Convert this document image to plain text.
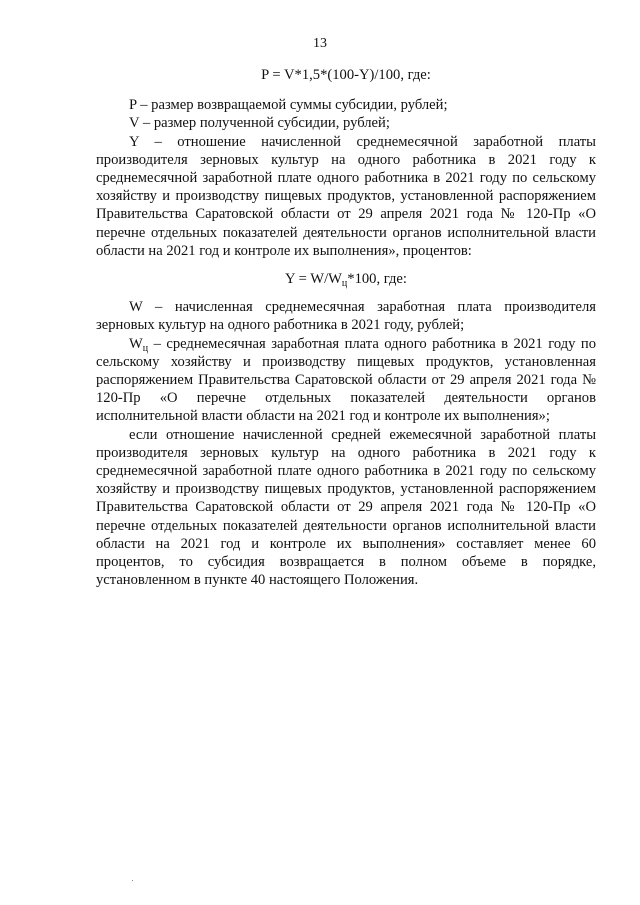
13

P = V*1,5*(100-Y)/100, где:

P – размер возвращаемой суммы субсидии, рублей;

V – размер полученной субсидии, рублей;

Y – отношение начисленной среднемесячной заработной платы производителя зерновых культур на одного работника в 2021 году к среднемесячной заработной плате одного работника в 2021 году по сельскому хозяйству и производству пищевых продуктов, установленной распоряжением Правительства Саратовской области от 29 апреля 2021 года № 120-Пр «О перечне отдельных показателей деятельности органов исполнительной власти области на 2021 год и контроле их выполнения», процентов:

$Y = W/W_ц*100$, где:

W – начисленная среднемесячная заработная плата производителя зерновых культур на одного работника в 2021 году, рублей;

$W_ц$ – среднемесячная заработная плата одного работника в 2021 году по сельскому хозяйству и производству пищевых продуктов, установленная распоряжением Правительства Саратовской области от 29 апреля 2021 года № 120-Пр «О перечне отдельных показателей деятельности органов исполнительной власти области на 2021 год и контроле их выполнения»;

если отношение начисленной средней ежемесячной заработной платы производителя зерновых культур на одного работника в 2021 году к среднемесячной заработной плате одного работника в 2021 году по сельскому хозяйству и производству пищевых продуктов, установленной распоряжением Правительства Саратовской области от 29 апреля 2021 года № 120-Пр «О перечне отдельных показателей деятельности органов исполнительной власти области на 2021 год и контроле их выполнения» составляет менее 60 процентов, то субсидия возвращается в полном объеме в порядке, установленном в пункте 40 настоящего Положения.
